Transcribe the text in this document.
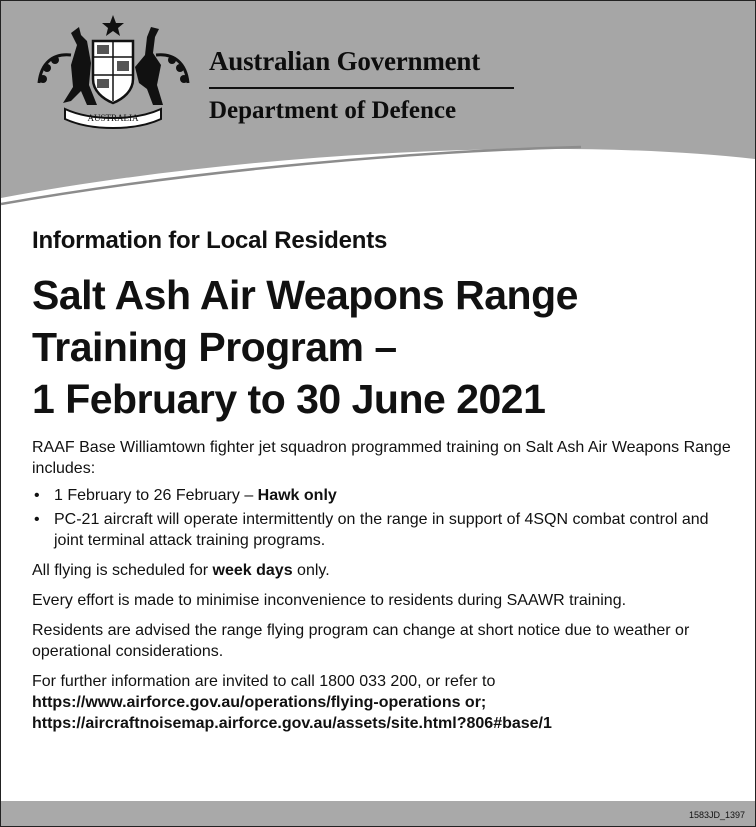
AUSTRALIA
Australian Government
Department of Defence

Information for Local Residents

Salt Ash Air Weapons Range
Training Program –
1 February to 30 June 2021

RAAF Base Williamtown fighter jet squadron programmed training on Salt Ash Air Weapons Range includes:

• 1 February to 26 February – Hawk only
• PC-21 aircraft will operate intermittently on the range in support of 4SQN combat control and joint terminal attack training programs.

All flying is scheduled for week days only.

Every effort is made to minimise inconvenience to residents during SAAWR training.

Residents are advised the range flying program can change at short notice due to weather or operational considerations.

For further information are invited to call 1800 033 200, or refer to
https://www.airforce.gov.au/operations/flying-operations or;
https://aircraftnoisemap.airforce.gov.au/assets/site.html?806#base/1

1583JD_1397
